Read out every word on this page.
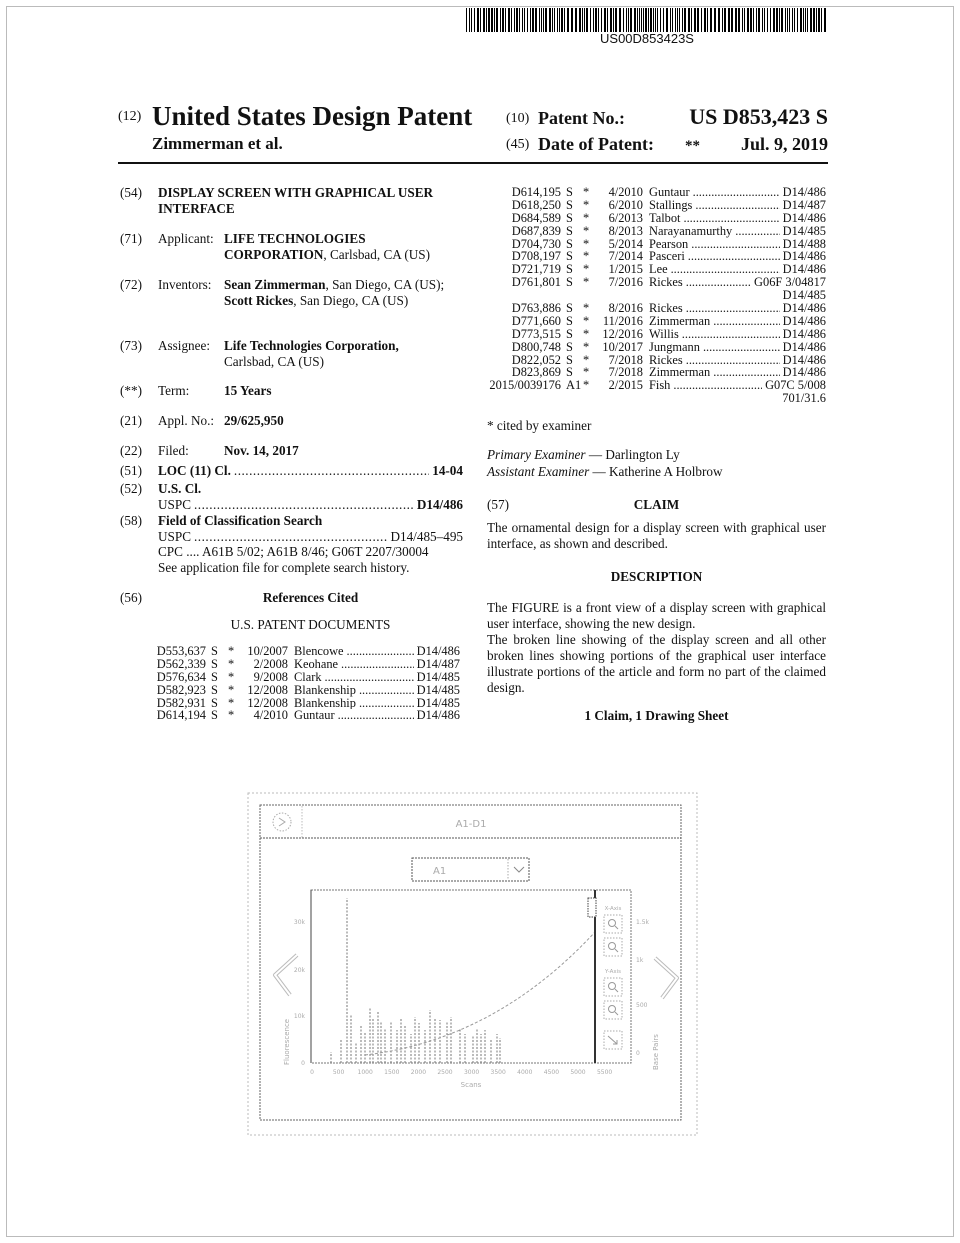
US00D853423S
(12) United States Design Patent
Zimmerman et al.
(10) Patent No.:	US D853,423 S
(45) Date of Patent: **	Jul. 9, 2019
(54) DISPLAY SCREEN WITH GRAPHICAL USER INTERFACE
(71) Applicant: LIFE TECHNOLOGIES CORPORATION, Carlsbad, CA (US)
(72) Inventors: Sean Zimmerman, San Diego, CA (US); Scott Rickes, San Diego, CA (US)
(73) Assignee: Life Technologies Corporation,
Carlsbad, CA (US)
(**) Term:	15 Years
(21) Appl. No.: 29/625,950
(22) Filed:	Nov. 14, 2017
(51) LOC (11) Cl. .....	14-04
(52) U.S. Cl.
USPC .....	D14/486
(58) Field of Classification Search
USPC .....	D14/485–495
CPC .... A61B 5/02; A61B 8/46; G06T 2207/30004
See application file for complete search history.
(56)	References Cited
U.S. PATENT DOCUMENTS
D553,637 S *	10/2007 Blencowe .....	D14/486
D562,339 S *	2/2008 Keohane .....	D14/487
D576,634 S *	9/2008 Clark .....	D14/485
D582,923 S *	12/2008 Blankenship .....	D14/485
D582,931 S *	12/2008 Blankenship .....	D14/485
D614,194 S *	4/2010 Guntaur .....	D14/486
D614,195 S *	4/2010 Guntaur .....	D14/486
D618,250 S *	6/2010 Stallings .....	D14/487
D684,589 S *	6/2013 Talbot .....	D14/486
D687,839 S *	8/2013 Narayanamurthy .....	D14/485
D704,730 S *	5/2014 Pearson .....	D14/488
D708,197 S *	7/2014 Pasceri .....	D14/486
D721,719 S *	1/2015 Lee .....	D14/486
D761,801 S *	7/2016 Rickes .....	G06F 3/04817
D14/485
D763,886 S *	8/2016 Rickes .....	D14/486
D771,660 S *	11/2016 Zimmerman .....	D14/486
D773,515 S *	12/2016 Willis .....	D14/486
D800,748 S *	10/2017 Jungmann .....	D14/486
D822,052 S *	7/2018 Rickes .....	D14/486
D823,869 S *	7/2018 Zimmerman .....	D14/486
2015/0039176 A1 *	2/2015 Fish .....	G07C 5/008
701/31.6
* cited by examiner
Primary Examiner — Darlington Ly
Assistant Examiner — Katherine A Holbrow
(57)	CLAIM
The ornamental design for a display screen with graphical user interface, as shown and described.
DESCRIPTION
The FIGURE is a front view of a display screen with graphical user interface, showing the new design.
The broken line showing of the display screen and all other broken lines showing portions of the graphical user interface illustrate portions of the article and form no part of the claimed design.
1 Claim, 1 Drawing Sheet
A1-D1
A1
X-Axis
Y-Axis
0	500 1000 1500 2000 2500 3000 3500 4000 4500 5000 5500
0
10k
20k
30k
0
500
1k
1.5k
Scans
Fluorescence	Base Pairs
